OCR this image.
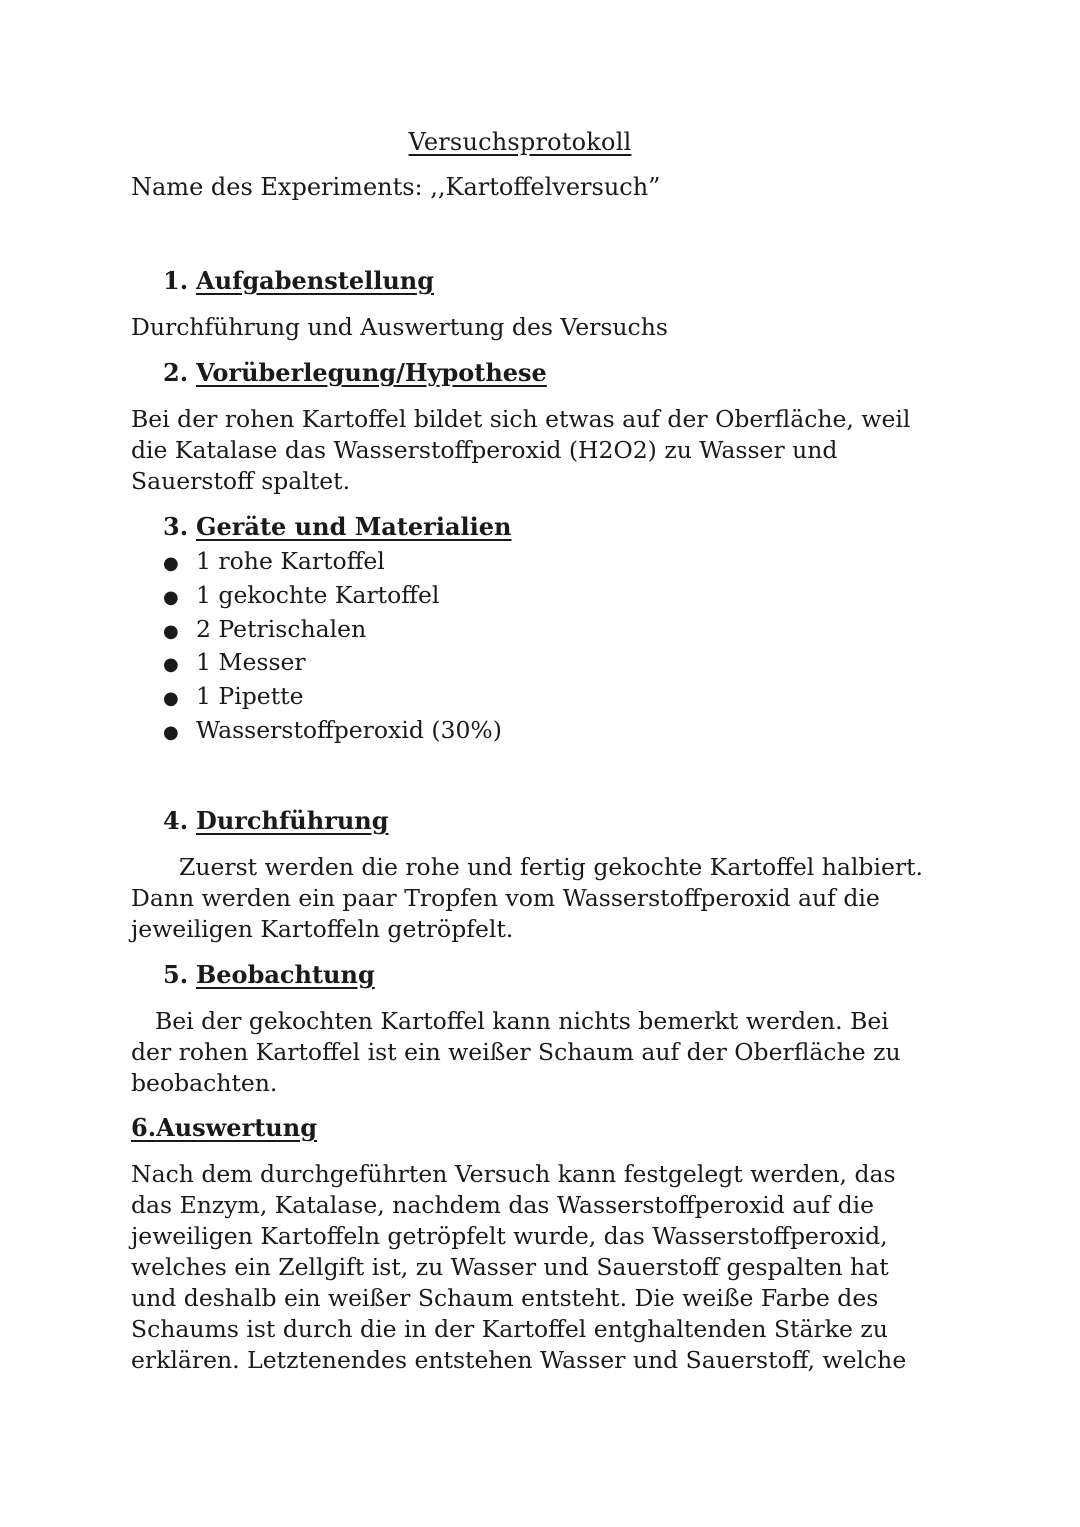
Versuchsprotokoll
Name des Experiments: ,,Kartoffelversuch”
1. Aufgabenstellung
Durchführung und Auswertung des Versuchs
2. Vorüberlegung/Hypothese
Bei der rohen Kartoffel bildet sich etwas auf der Oberfläche, weil
die Katalase das Wasserstoffperoxid (H2O2) zu Wasser und
Sauerstoff spaltet.
3. Geräte und Materialien
● 1 rohe Kartoffel
● 1 gekochte Kartoffel
● 2 Petrischalen
● 1 Messer
● 1 Pipette
● Wasserstoffperoxid (30%)
4. Durchführung
Zuerst werden die rohe und fertig gekochte Kartoffel halbiert.
Dann werden ein paar Tropfen vom Wasserstoffperoxid auf die
jeweiligen Kartoffeln getröpfelt.
5. Beobachtung
Bei der gekochten Kartoffel kann nichts bemerkt werden. Bei
der rohen Kartoffel ist ein weißer Schaum auf der Oberfläche zu
beobachten.
6.Auswertung
Nach dem durchgeführten Versuch kann festgelegt werden, das
das Enzym, Katalase, nachdem das Wasserstoffperoxid auf die
jeweiligen Kartoffeln getröpfelt wurde, das Wasserstoffperoxid,
welches ein Zellgift ist, zu Wasser und Sauerstoff gespalten hat
und deshalb ein weißer Schaum entsteht. Die weiße Farbe des
Schaums ist durch die in der Kartoffel entghaltenden Stärke zu
erklären. Letztenendes entstehen Wasser und Sauerstoff, welche
